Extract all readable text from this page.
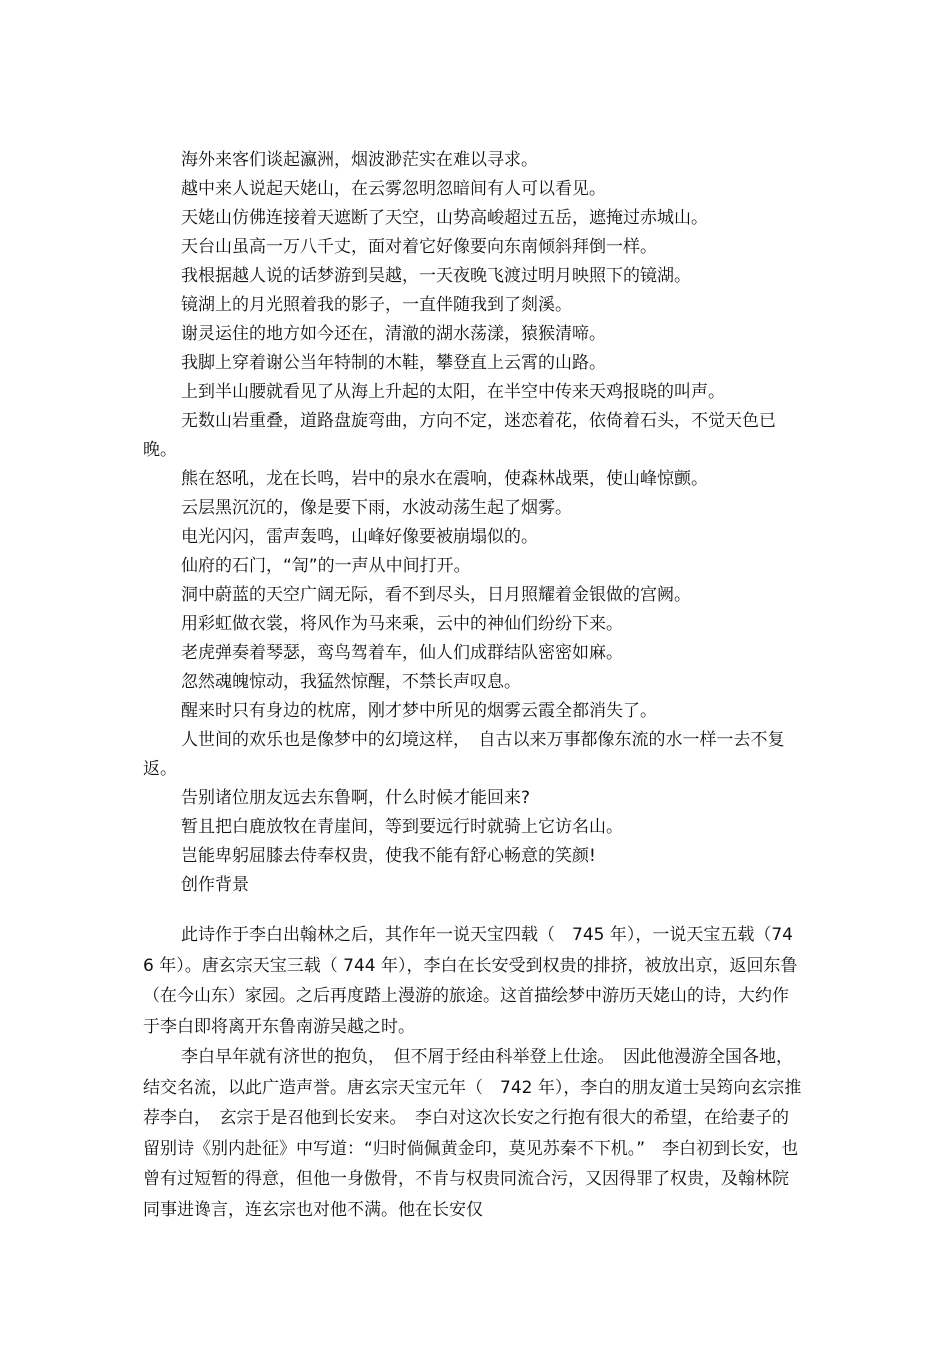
海外来客们谈起瀛洲，烟波渺茫实在难以寻求。

越中来人说起天姥山，在云雾忽明忽暗间有人可以看见。

天姥山仿佛连接着天遮断了天空，山势高峻超过五岳，遮掩过赤城山。

天台山虽高一万八千丈，面对着它好像要向东南倾斜拜倒一样。

我根据越人说的话梦游到吴越，一天夜晚飞渡过明月映照下的镜湖。

镜湖上的月光照着我的影子，一直伴随我到了剡溪。

谢灵运住的地方如今还在，清澈的湖水荡漾，猿猴清啼。

我脚上穿着谢公当年特制的木鞋，攀登直上云霄的山路。

上到半山腰就看见了从海上升起的太阳，在半空中传来天鸡报晓的叫声。

无数山岩重叠，道路盘旋弯曲，方向不定，迷恋着花，依倚着石头，不觉天色已晚。

熊在怒吼，龙在长鸣，岩中的泉水在震响，使森林战栗，使山峰惊颤。

云层黑沉沉的，像是要下雨，水波动荡生起了烟雾。

电光闪闪，雷声轰鸣，山峰好像要被崩塌似的。

仙府的石门，“訇”的一声从中间打开。

洞中蔚蓝的天空广阔无际，看不到尽头，日月照耀着金银做的宫阙。

用彩虹做衣裳，将风作为马来乘，云中的神仙们纷纷下来。

老虎弹奏着琴瑟，鸾鸟驾着车，仙人们成群结队密密如麻。

忽然魂魄惊动，我猛然惊醒，不禁长声叹息。

醒来时只有身边的枕席，刚才梦中所见的烟雾云霞全都消失了。

人世间的欢乐也是像梦中的幻境这样，　自古以来万事都像东流的水一样一去不复返。

告别诸位朋友远去东鲁啊，什么时候才能回来?

暂且把白鹿放牧在青崖间，等到要远行时就骑上它访名山。

岂能卑躬屈膝去侍奉权贵，使我不能有舒心畅意的笑颜!

创作背景

此诗作于李白出翰林之后，其作年一说天宝四载（　745 年），一说天宝五载（746 年）。唐玄宗天宝三载（ 744 年），李白在长安受到权贵的排挤，被放出京，返回东鲁（在今山东）家园。之后再度踏上漫游的旅途。这首描绘梦中游历天姥山的诗，大约作于李白即将离开东鲁南游吴越之时。

李白早年就有济世的抱负，　但不屑于经由科举登上仕途。　因此他漫游全国各地，结交名流，以此广造声誉。唐玄宗天宝元年（　742 年），李白的朋友道士吴筠向玄宗推荐李白，　玄宗于是召他到长安来。　李白对这次长安之行抱有很大的希望，在给妻子的留别诗《别内赴征》中写道：“归时倘佩黄金印，莫见苏秦不下机。”　李白初到长安，也曾有过短暂的得意，但他一身傲骨，不肯与权贵同流合污，又因得罪了权贵，及翰林院同事进谗言，连玄宗也对他不满。他在长安仅
